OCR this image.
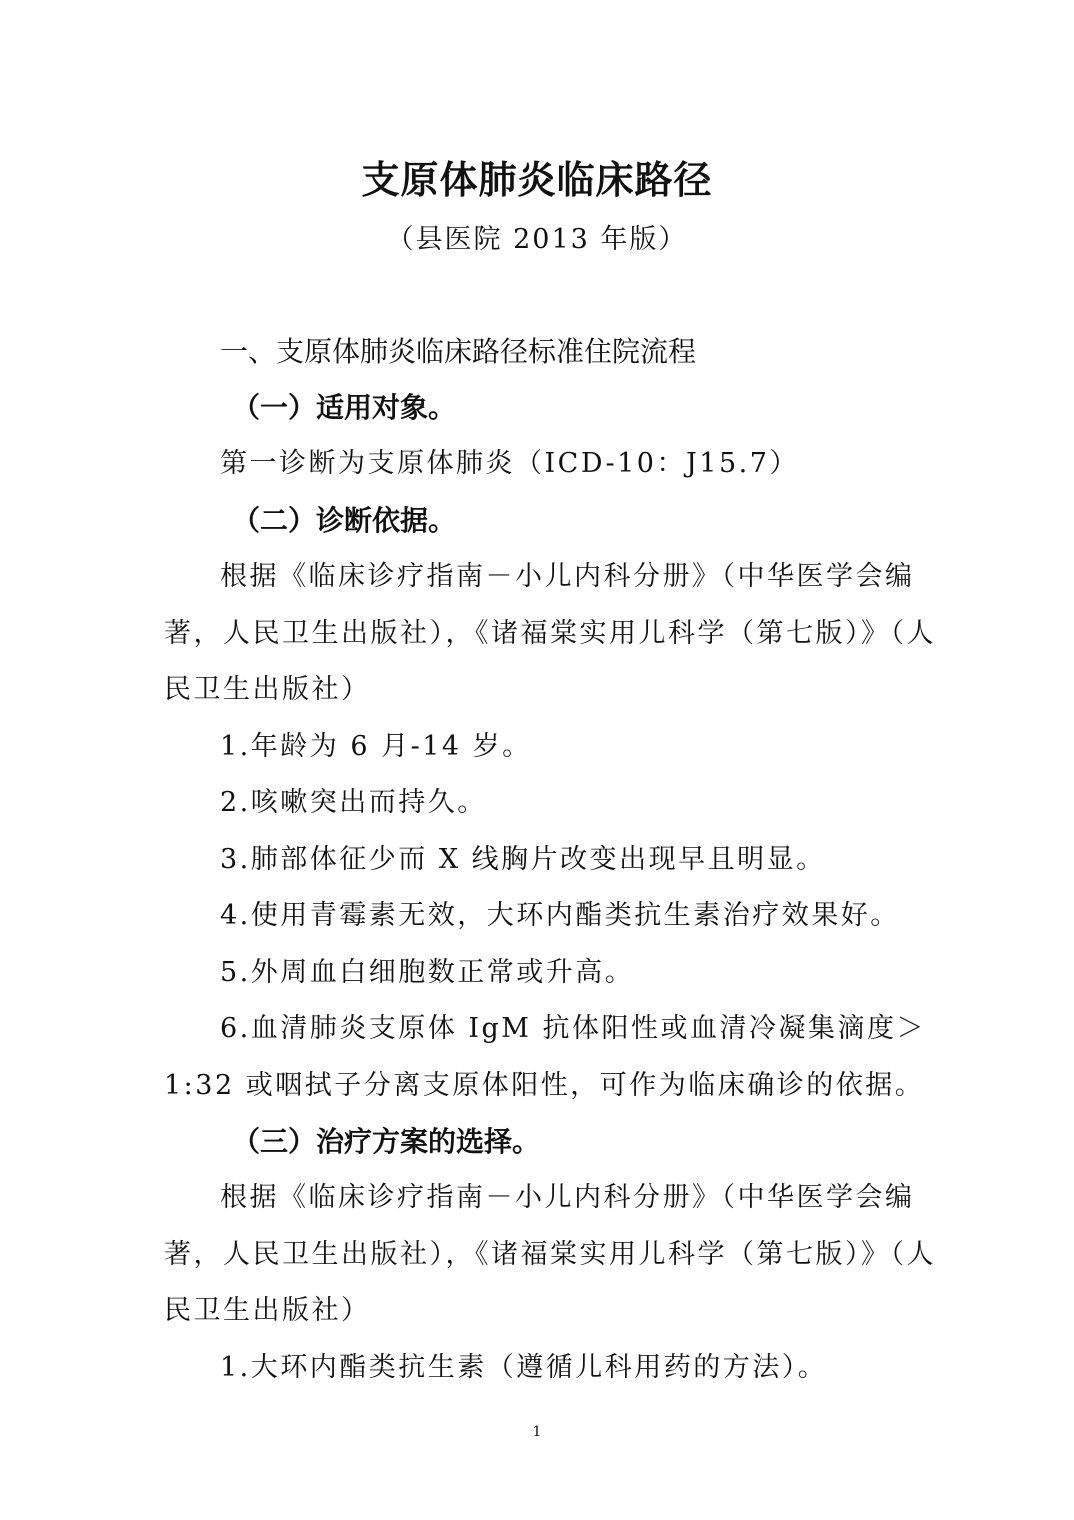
支原体肺炎临床路径
（县医院 2013 年版）
一、支原体肺炎临床路径标准住院流程
（一）适用对象。
第一诊断为支原体肺炎（ICD-10：J15.7）
（二）诊断依据。
根据《临床诊疗指南－小儿内科分册》（中华医学会编
著，人民卫生出版社），《诸福棠实用儿科学（第七版）》（人
民卫生出版社）
1.年龄为 6 月-14 岁。
2.咳嗽突出而持久。
3.肺部体征少而 X 线胸片改变出现早且明显。
4.使用青霉素无效，大环内酯类抗生素治疗效果好。
5.外周血白细胞数正常或升高。
6.血清肺炎支原体 IgM 抗体阳性或血清冷凝集滴度＞
1:32 或咽拭子分离支原体阳性，可作为临床确诊的依据。
（三）治疗方案的选择。
根据《临床诊疗指南－小儿内科分册》（中华医学会编
著，人民卫生出版社），《诸福棠实用儿科学（第七版）》（人
民卫生出版社）
1.大环内酯类抗生素（遵循儿科用药的方法）。
1
